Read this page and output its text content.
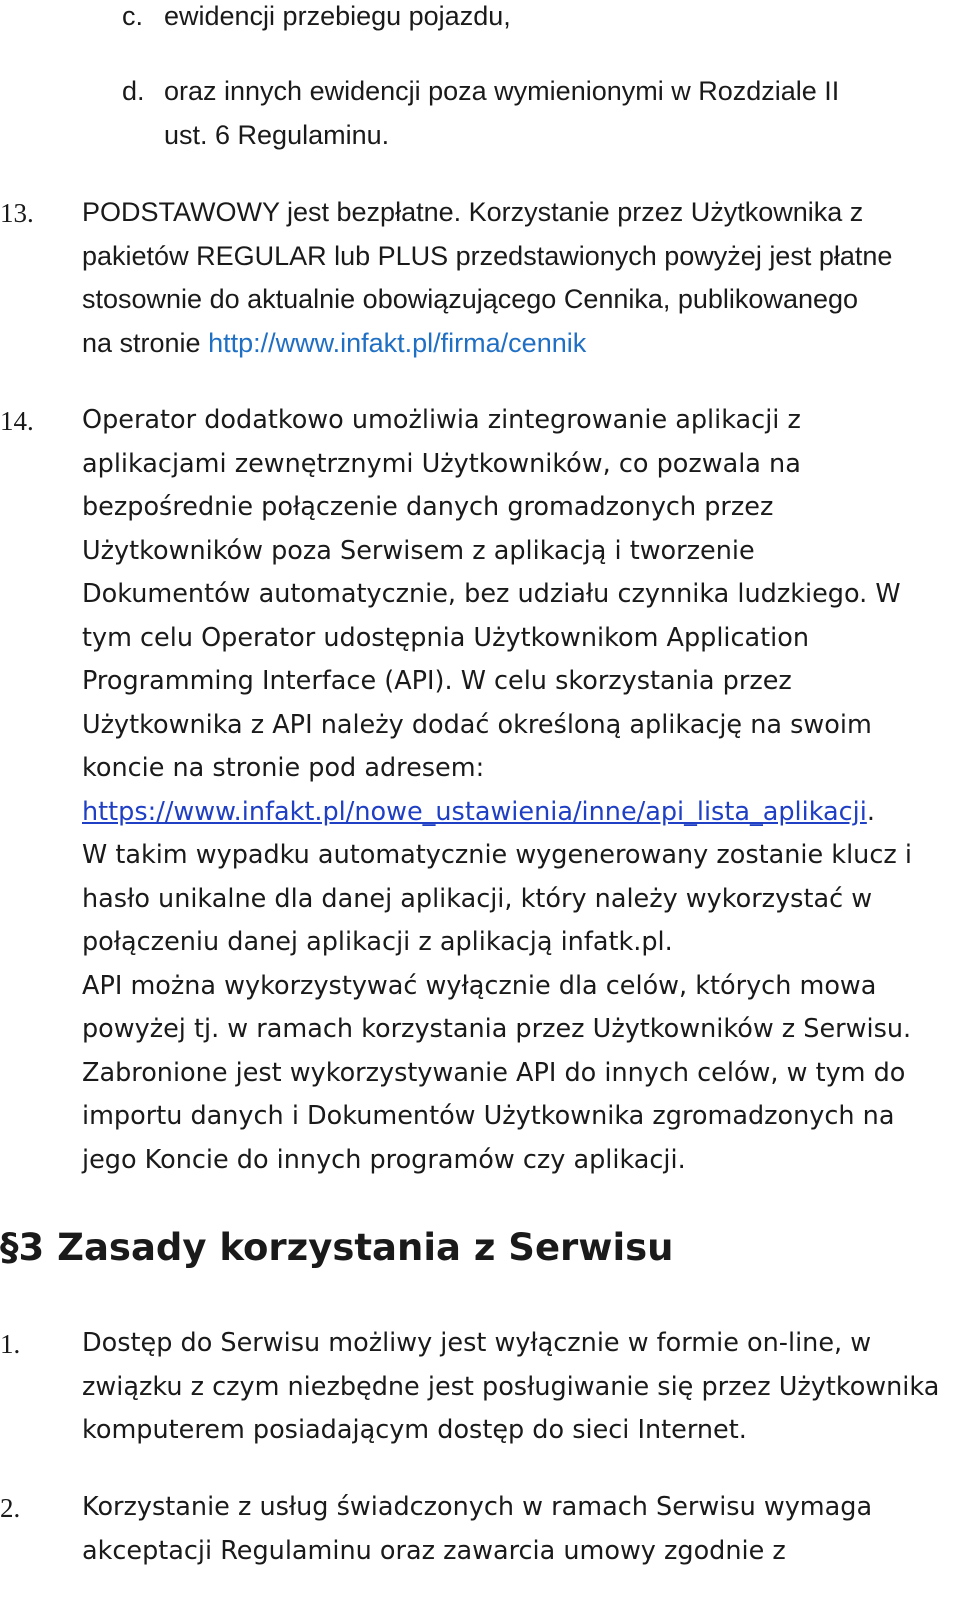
c. ewidencji przebiegu pojazdu,
d. oraz innych ewidencji poza wymienionymi w Rozdziale II
ust. 6 Regulaminu.
13. PODSTAWOWY jest bezpłatne. Korzystanie przez Użytkownika z
pakietów REGULAR lub PLUS przedstawionych powyżej jest płatne
stosownie do aktualnie obowiązującego Cennika, publikowanego
na stronie http://www.infakt.pl/firma/cennik
14. Operator dodatkowo umożliwia zintegrowanie aplikacji z
aplikacjami zewnętrznymi Użytkowników, co pozwala na
bezpośrednie połączenie danych gromadzonych przez
Użytkowników poza Serwisem z aplikacją i tworzenie
Dokumentów automatycznie, bez udziału czynnika ludzkiego. W
tym celu Operator udostępnia Użytkownikom Application
Programming Interface (API). W celu skorzystania przez
Użytkownika z API należy dodać określoną aplikację na swoim
koncie na stronie pod adresem:
https://www.infakt.pl/nowe_ustawienia/inne/api_lista_aplikacji.
W takim wypadku automatycznie wygenerowany zostanie klucz i
hasło unikalne dla danej aplikacji, który należy wykorzystać w
połączeniu danej aplikacji z aplikacją infatk.pl.
API można wykorzystywać wyłącznie dla celów, których mowa
powyżej tj. w ramach korzystania przez Użytkowników z Serwisu.
Zabronione jest wykorzystywanie API do innych celów, w tym do
importu danych i Dokumentów Użytkownika zgromadzonych na
jego Koncie do innych programów czy aplikacji.
§3 Zasady korzystania z Serwisu
1. Dostęp do Serwisu możliwy jest wyłącznie w formie on-line, w
związku z czym niezbędne jest posługiwanie się przez Użytkownika
komputerem posiadającym dostęp do sieci Internet.
2. Korzystanie z usług świadczonych w ramach Serwisu wymaga
akceptacji Regulaminu oraz zawarcia umowy zgodnie z
